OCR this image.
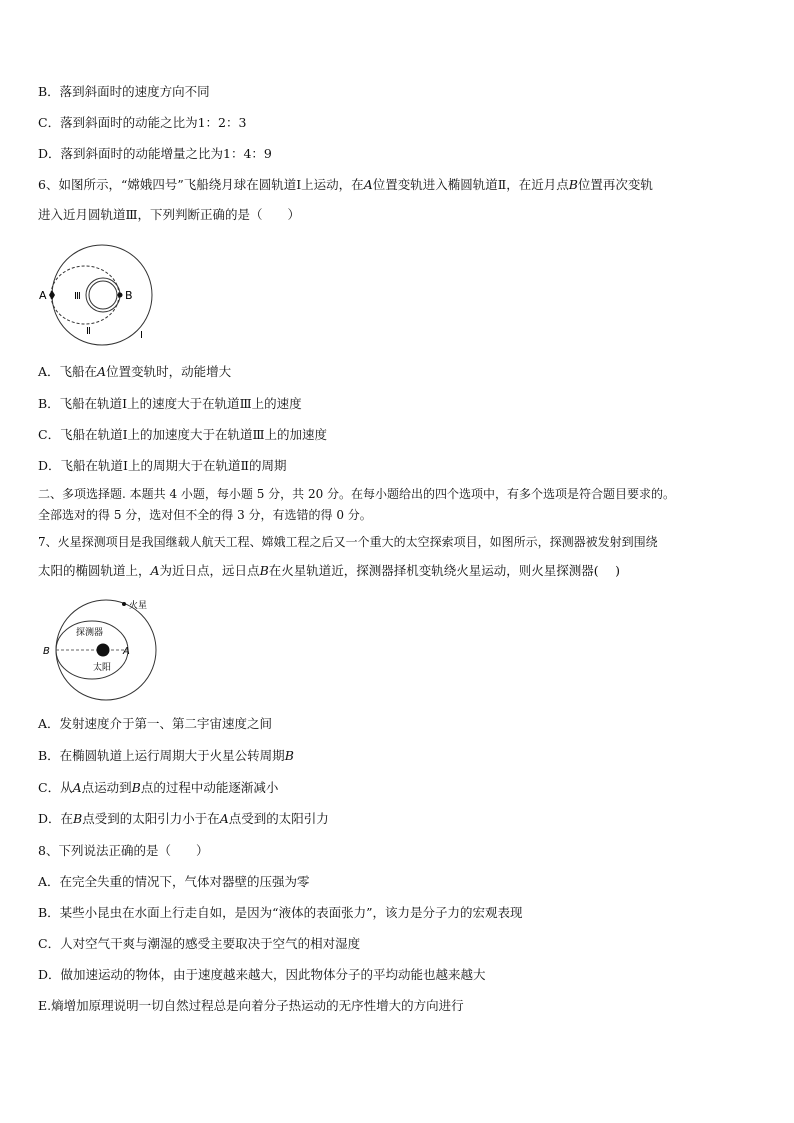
B．落到斜面时的速度方向不同
C．落到斜面时的动能之比为1：2：3
D．落到斜面时的动能增量之比为1：4：9
6、如图所示，“嫦娥四号”飞船绕月球在圆轨道Ⅰ上运动，在A位置变轨进入椭圆轨道Ⅱ，在近月点B位置再次变轨
进入近月圆轨道Ⅲ，下列判断正确的是（　　）
A	B
Ⅲ
Ⅱ	Ⅰ
A．飞船在A位置变轨时，动能增大
B．飞船在轨道Ⅰ上的速度大于在轨道Ⅲ上的速度
C．飞船在轨道Ⅰ上的加速度大于在轨道Ⅲ上的加速度
D．飞船在轨道Ⅰ上的周期大于在轨道Ⅱ的周期
二、多项选择题. 本题共 4 小题，每小题 5 分，共 20 分。在每小题给出的四个选项中，有多个选项是符合题目要求的。
全部选对的得 5 分，选对但不全的得 3 分，有选错的得 0 分。
7、火星探测项目是我国继载人航天工程、嫦娥工程之后又一个重大的太空探索项目，如图所示，探测器被发射到围绕
太阳的椭圆轨道上，A为近日点，远日点B在火星轨道近，探测器择机变轨绕火星运动，则火星探测器(　 )
火星
探测器
太阳
A
B
A．发射速度介于第一、第二宇宙速度之间
B．在椭圆轨道上运行周期大于火星公转周期B
C．从A点运动到B点的过程中动能逐渐减小
D．在B点受到的太阳引力小于在A点受到的太阳引力
8、下列说法正确的是（　　）
A．在完全失重的情况下，气体对器壁的压强为零
B．某些小昆虫在水面上行走自如，是因为“液体的表面张力”，该力是分子力的宏观表现
C．人对空气干爽与潮湿的感受主要取决于空气的相对湿度
D．做加速运动的物体，由于速度越来越大，因此物体分子的平均动能也越来越大
E.熵增加原理说明一切自然过程总是向着分子热运动的无序性增大的方向进行
